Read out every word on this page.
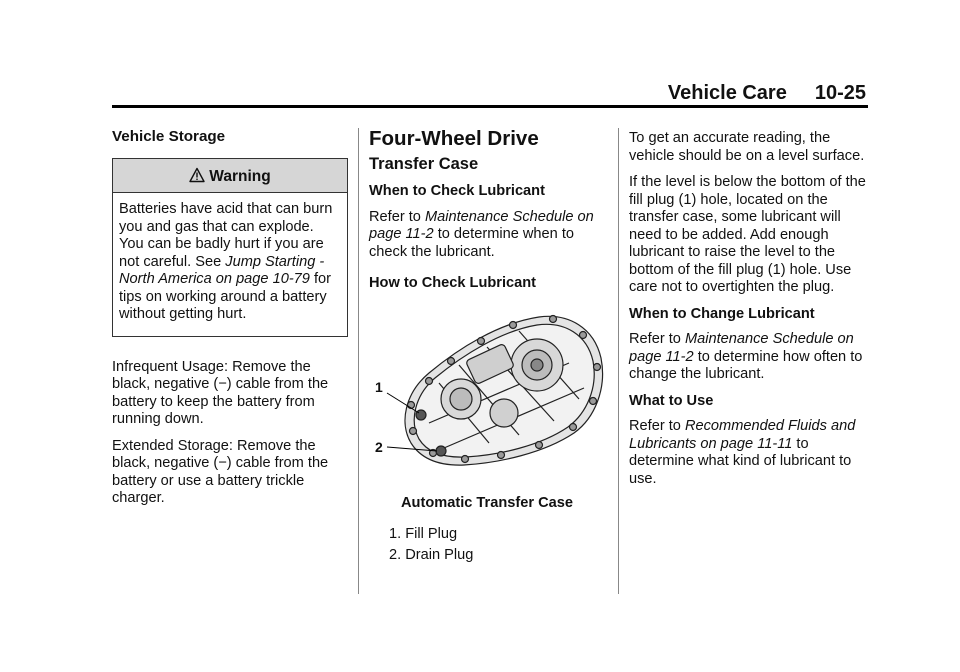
Vehicle Care 10-25
Vehicle Storage
Warning

Batteries have acid that can burn you and gas that can explode. You can be badly hurt if you are not careful. See Jump Starting - North America on page 10-79 for tips on working around a battery without getting hurt.

Infrequent Usage: Remove the black, negative (−) cable from the battery to keep the battery from running down.

Extended Storage: Remove the black, negative (−) cable from the battery or use a battery trickle charger.

Four-Wheel Drive
Transfer Case
When to Check Lubricant

Refer to Maintenance Schedule on page 11-2 to determine when to check the lubricant.

How to Check Lubricant
1
2
Automatic Transfer Case
1. Fill Plug
2. Drain Plug

To get an accurate reading, the vehicle should be on a level surface.

If the level is below the bottom of the fill plug (1) hole, located on the transfer case, some lubricant will need to be added. Add enough lubricant to raise the level to the bottom of the fill plug (1) hole. Use care not to overtighten the plug.

When to Change Lubricant

Refer to Maintenance Schedule on page 11-2 to determine how often to change the lubricant.

What to Use

Refer to Recommended Fluids and Lubricants on page 11-11 to determine what kind of lubricant to use.
